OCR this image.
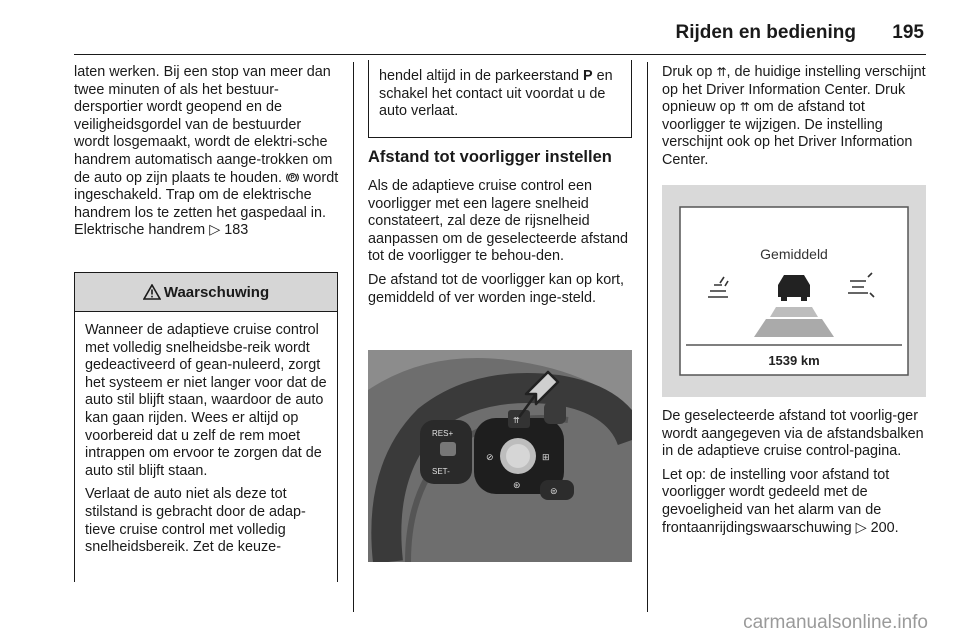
Rijden en bediening	195

laten werken. Bij een stop van meer dan twee minuten of als het bestuur-dersportier wordt geopend en de veiligheidsgordel van de bestuurder wordt losgemaakt, wordt de elektri-sche handrem automatisch aange-trokken om de auto op zijn plaats te houden. P wordt ingeschakeld. Trap om de elektrische handrem los te zetten het gaspedaal in. Elektrische handrem ▷ 183

Waarschuwing

Wanneer de adaptieve cruise control met volledig snelheidsbe-reik wordt gedeactiveerd of gean-nuleerd, zorgt het systeem er niet langer voor dat de auto stil blijft staan, waardoor de auto kan gaan rijden. Wees er altijd op voorbereid dat u zelf de rem moet intrappen om ervoor te zorgen dat de auto stil blijft staan.

Verlaat de auto niet als deze tot stilstand is gebracht door de adap-tieve cruise control met volledig snelheidsbereik. Zet de keuze-

hendel altijd in de parkeerstand P en schakel het contact uit voordat u de auto verlaat.
Afstand tot voorligger instellen

Als de adaptieve cruise control een voorligger met een lagere snelheid constateert, zal deze de rijsnelheid aanpassen om de geselecteerde afstand tot de voorligger te behou-den.

De afstand tot de voorligger kan op kort, gemiddeld of ver worden inge-steld.

RES+
SET-
⇈
⊘	⊞
⊛
⊜

Druk op ⇈, de huidige instelling verschijnt op het Driver Information Center. Druk opnieuw op ⇈ om de afstand tot voorligger te wijzigen. De instelling verschijnt ook op het Driver Information Center.

Gemiddeld
1539 km

De geselecteerde afstand tot voorlig-ger wordt aangegeven via de afstandsbalken in de adaptieve cruise control-pagina.

Let op: de instelling voor afstand tot voorligger wordt gedeeld met de gevoeligheid van het alarm van de frontaanrijdingswaarschuwing ▷ 200.

carmanualsonline.info
